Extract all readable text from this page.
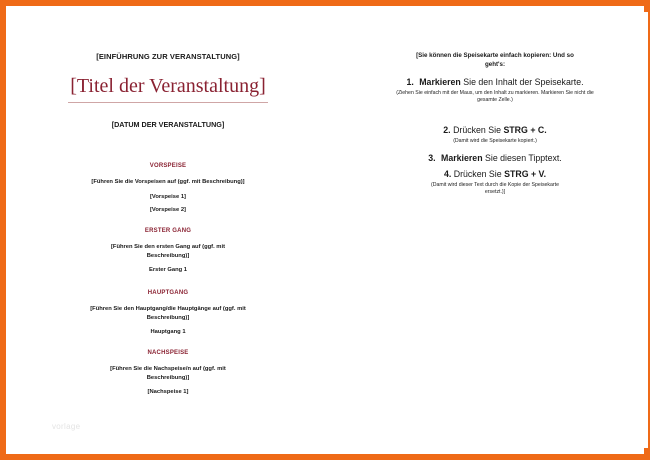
[EINFÜHRUNG ZUR VERANSTALTUNG]
[Titel der Veranstaltung]
[DATUM DER VERANSTALTUNG]
VORSPEISE
[Führen Sie die Vorspeisen auf (ggf. mit Beschreibung)]
[Vorspeise 1]
[Vorspeise 2]
ERSTER GANG
[Führen Sie den ersten Gang auf (ggf. mit Beschreibung)]
Erster Gang 1
HAUPTGANG
[Führen Sie den Hauptgang/die Hauptgänge auf (ggf. mit Beschreibung)]
Hauptgang 1
NACHSPEISE
[Führen Sie die Nachspeise/n auf (ggf. mit Beschreibung)]
[Nachspeise 1]
vorlage
[Sie können die Speisekarte einfach kopieren: Und so geht's:
1. Markieren Sie den Inhalt der Speisekarte.
(Ziehen Sie einfach mit der Maus, um den Inhalt zu markieren. Markieren Sie nicht die gesamte Zelle.)
2. Drücken Sie STRG + C.
(Damit wird die Speisekarte kopiert.)
3. Markieren Sie diesen Tipptext.
4. Drücken Sie STRG + V.
(Damit wird dieser Text durch die Kopie der Speisekarte ersetzt.)]
